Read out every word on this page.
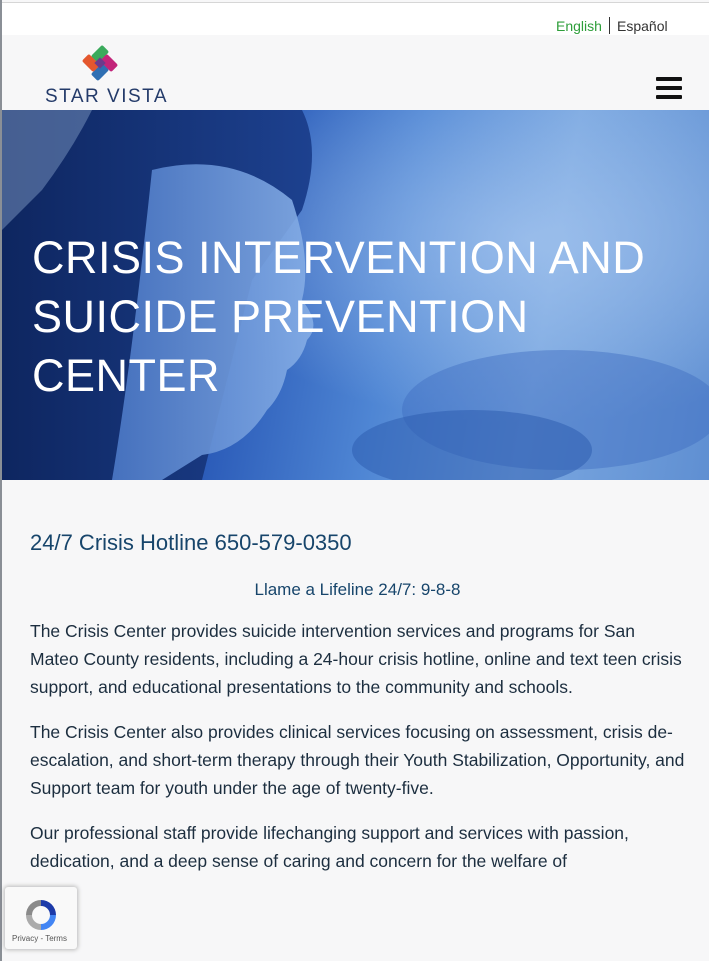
English Español
STAR VISTA
CRISIS INTERVENTION AND SUICIDE PREVENTION CENTER
24/7 Crisis Hotline 650-579-0350

Llame a Lifeline 24/7: 9-8-8

The Crisis Center provides suicide intervention services and programs for San Mateo County residents, including a 24-hour crisis hotline, online and text teen crisis support, and educational presentations to the community and schools.

The Crisis Center also provides clinical services focusing on assessment, crisis de-escalation, and short-term therapy through their Youth Stabilization, Opportunity, and Support team for youth under the age of twenty-five.

Our professional staff provide lifechanging support and services with passion, dedication, and a deep sense of caring and concern for the welfare of

Privacy - Terms
